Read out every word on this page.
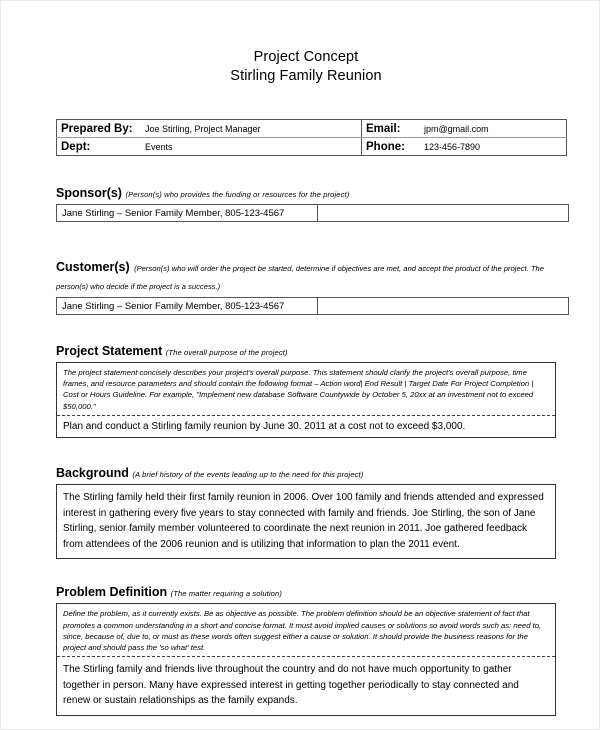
Project Concept
Stirling Family Reunion
Prepared By: Joe Stirling, Project Manager	Email: jpm@gmail.com

Dept: Events	Phone: 123-456-7890
Sponsor(s) (Person(s) who provides the funding or resources for the project)
Jane Stirling – Senior Family Member, 805-123-4567	
Customer(s) (Person(s) who will order the project be started, determine if objectives are met, and accept the product of the project. The person(s) who decide if the project is a success.)
Jane Stirling – Senior Family Member, 805-123-4567	
Project Statement (The overall purpose of the project)
The project statement concisely describes your project's overall purpose. This statement should clarify the project's overall purpose, time frames, and resource parameters and should contain the following format – Action word| End Result | Target Date For Project Completion | Cost or Hours Guideline. For example, "Implement new database Software Countywide by October 5, 20xx at an investment not to exceed $50,000."
Plan and conduct a Stirling family reunion by June 30. 2011 at a cost not to exceed $3,000.
Background (A brief history of the events leading up to the need for this project)
The Stirling family held their first family reunion in 2006. Over 100 family and friends attended and expressed interest in gathering every five years to stay connected with family and friends. Joe Stirling, the son of Jane Stirling, senior family member volunteered to coordinate the next reunion in 2011. Joe gathered feedback from attendees of the 2006 reunion and is utilizing that information to plan the 2011 event.
Problem Definition (The matter requiring a solution)
Define the problem, as it currently exists. Be as objective as possible. The problem definition should be an objective statement of fact that promotes a common understanding in a short and concise format. It must avoid implied causes or solutions so avoid words such as: need to, since, because of, due to, or must as these words often suggest either a cause or solution. It should provide the business reasons for the project and should pass the 'so what' test.
The Stirling family and friends live throughout the country and do not have much opportunity to gather together in person. Many have expressed interest in getting together periodically to stay connected and renew or sustain relationships as the family expands.
